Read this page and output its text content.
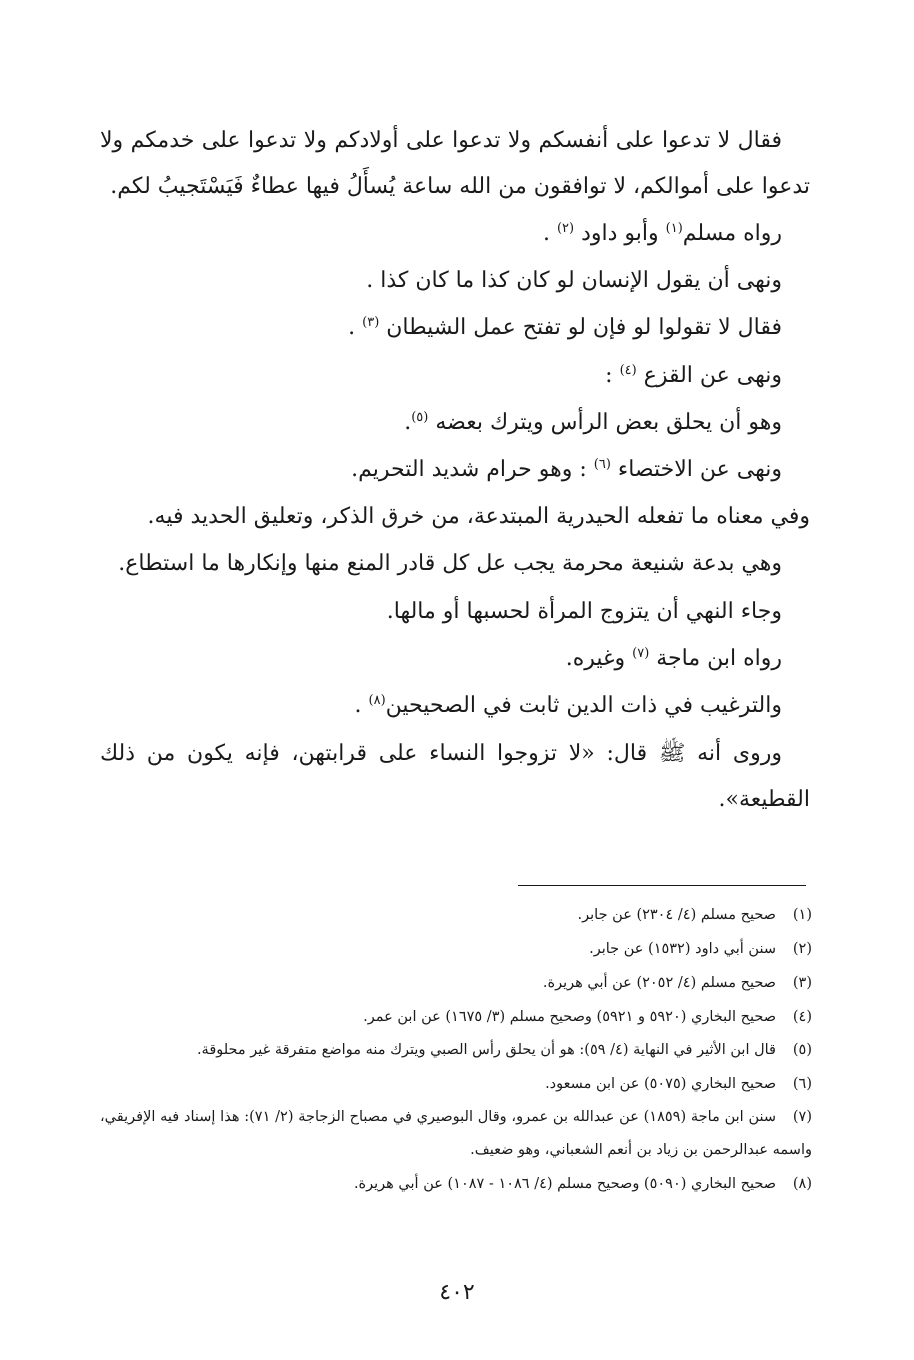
فقال لا تدعوا على أنفسكم ولا تدعوا على أولادكم ولا تدعوا على خدمكم ولا تدعوا على أموالكم، لا توافقون من الله ساعة يُسأَلُ فيها عطاءٌ فَيَسْتَجيبُ لكم.

رواه مسلم$^{(١)}$ وأبو داود $^{(٢)}$ .

ونهى أن يقول الإنسان لو كان كذا ما كان كذا .

فقال لا تقولوا لو فإن لو تفتح عمل الشيطان $^{(٣)}$ .

ونهى عن القزع $^{(٤)}$ :

وهو أن يحلق بعض الرأس ويترك بعضه $^{(٥)}$.

ونهى عن الاختصاء $^{(٦)}$ : وهو حرام شديد التحريم.

وفي معناه ما تفعله الحيدرية المبتدعة، من خرق الذكر، وتعليق الحديد فيه.

وهي بدعة شنيعة محرمة يجب عل كل قادر المنع منها وإنكارها ما استطاع.

وجاء النهي أن يتزوج المرأة لحسبها أو مالها.

رواه ابن ماجة $^{(٧)}$ وغيره.

والترغيب في ذات الدين ثابت في الصحيحين$^{(٨)}$ .

وروى أنه ﷺ قال: «لا تزوجوا النساء على قرابتهن، فإنه يكون من ذلك القطيعة».

(١)صحيح مسلم (٤/ ٢٣٠٤) عن جابر.

(٢)سنن أبي داود (١٥٣٢) عن جابر.

(٣)صحيح مسلم (٤/ ٢٠٥٢) عن أبي هريرة.

(٤)صحيح البخاري (٥٩٢٠ و ٥٩٢١) وصحيح مسلم (٣/ ١٦٧٥) عن ابن عمر.

(٥)قال ابن الأثير في النهاية (٤/ ٥٩): هو أن يحلق رأس الصبي ويترك منه مواضع متفرقة غير محلوقة.

(٦)صحيح البخاري (٥٠٧٥) عن ابن مسعود.

(٧)سنن ابن ماجة (١٨٥٩) عن عبدالله بن عمرو، وقال البوصيري في مصباح الزجاجة (٢/ ٧١): هذا إسناد فيه الإفريقي، واسمه عبدالرحمن بن زياد بن أنعم الشعباني، وهو ضعيف.

(٨)صحيح البخاري (٥٠٩٠) وصحيح مسلم (٤/ ١٠٨٦ - ١٠٨٧) عن أبي هريرة.

٤٠٢
